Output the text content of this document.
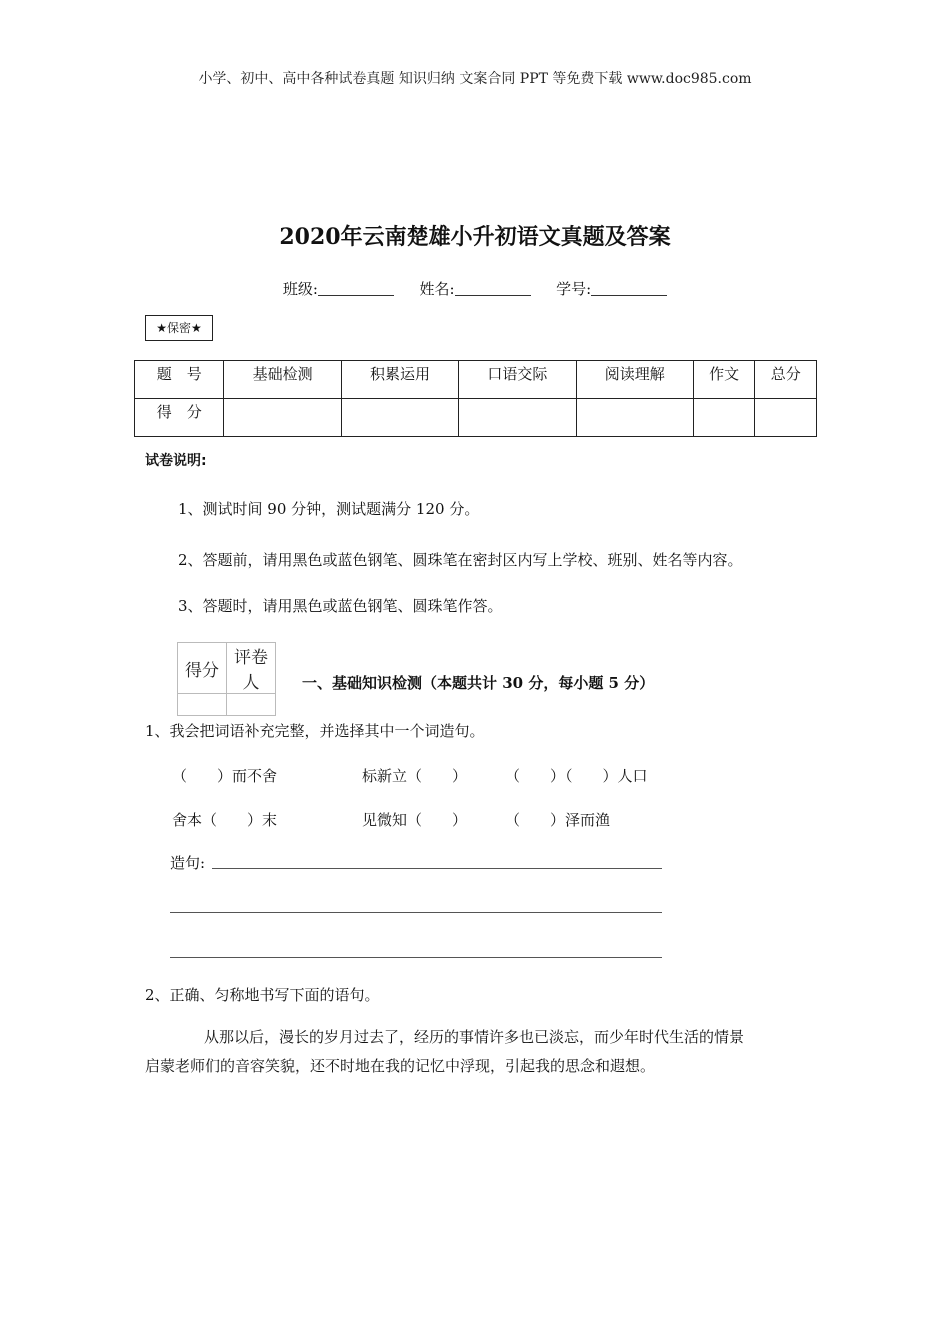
小学、初中、高中各种试卷真题 知识归纳 文案合同 PPT 等免费下载 www.doc985.com
2020年云南楚雄小升初语文真题及答案
班级:	姓名:	学号:
★保密★
题　号	基础检测	积累运用	口语交际	阅读理解	作文	总分
得　分						
试卷说明:
1、测试时间 90 分钟，测试题满分 120 分。
2、答题前，请用黑色或蓝色钢笔、圆珠笔在密封区内写上学校、班别、姓名等内容。
3、答题时，请用黑色或蓝色钢笔、圆珠笔作答。
得分	评卷人
		一、基础知识检测（本题共计 30 分，每小题 5 分）
1、我会把词语补充完整，并选择其中一个词造句。
（　　）而不舍	标新立（　　）	（　　）（　　）人口
舍本（　　）末	见微知（　　）	（　　）泽而渔
造句:
2、正确、匀称地书写下面的语句。
从那以后，漫长的岁月过去了，经历的事情许多也已淡忘，而少年时代生活的情景
启蒙老师们的音容笑貌，还不时地在我的记忆中浮现，引起我的思念和遐想。
